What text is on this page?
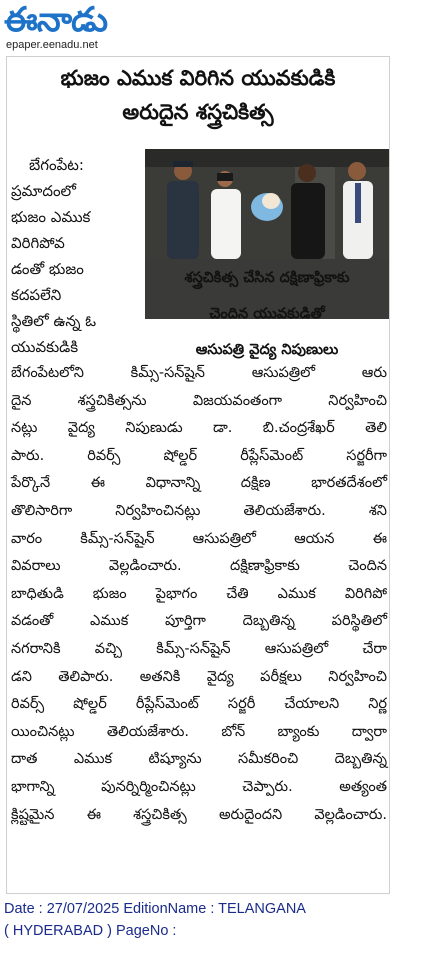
ఈనాడు
epaper.eenadu.net
భుజం ఎముక విరిగిన యువకుడికి
అరుదైన శస్త్రచికిత్స
శస్త్రచికిత్స చేసిన దక్షిణాఫ్రికాకు
చెందిన యువకుడితో
ఆసుపత్రి వైద్య నిపుణులు
బేగంపేట:
ప్రమాదంలో
భుజం ఎముక
విరిగిపోవ
డంతో భుజం
కదపలేని
స్థితిలో ఉన్న ఓ
యువకుడికి
బేగంపేటలోని కిమ్స్‌-సన్‌షైన్‌ ఆసుపత్రిలో ఆరు
దైన శస్త్రచికిత్సను విజయవంతంగా నిర్వహించి
నట్లు వైద్య నిపుణుడు డా. బి.చంద్రశేఖర్‌ తెలి
పారు. రివర్స్‌ షోల్డర్‌ రీప్లేస్‌మెంట్‌ సర్జరీగా
పేర్కొనే ఈ విధానాన్ని దక్షిణ భారతదేశంలో
తొలిసారిగా నిర్వహించినట్లు తెలియజేశారు. శని
వారం కిమ్స్‌-సన్‌షైన్‌ ఆసుపత్రిలో ఆయన ఈ
వివరాలు వెల్లడించారు. దక్షిణాఫ్రికాకు చెందిన
బాధితుడి భుజం పైభాగం చేతి ఎముక విరిగిపో
వడంతో ఎముక పూర్తిగా దెబ్బతిన్న పరిస్థితిలో
నగరానికి వచ్చి కిమ్స్‌-సన్‌షైన్‌ ఆసుపత్రిలో చేరా
డని తెలిపారు. అతనికి వైద్య పరీక్షలు నిర్వహించి
రివర్స్‌ షోల్డర్‌ రీప్లేస్‌మెంట్‌ సర్జరీ చేయాలని నిర్ణ
యించినట్లు తెలియజేశారు. బోన్‌ బ్యాంకు ద్వారా
దాత ఎముక టిష్యూను సమీకరించి దెబ్బతిన్న
భాగాన్ని పునర్నిర్మించినట్లు చెప్పారు. అత్యంత
క్లిష్టమైన ఈ శస్త్రచికిత్స అరుదైందని వెల్లడించారు.
Date : 27/07/2025 EditionName : TELANGANA
( HYDERABAD ) PageNo :
